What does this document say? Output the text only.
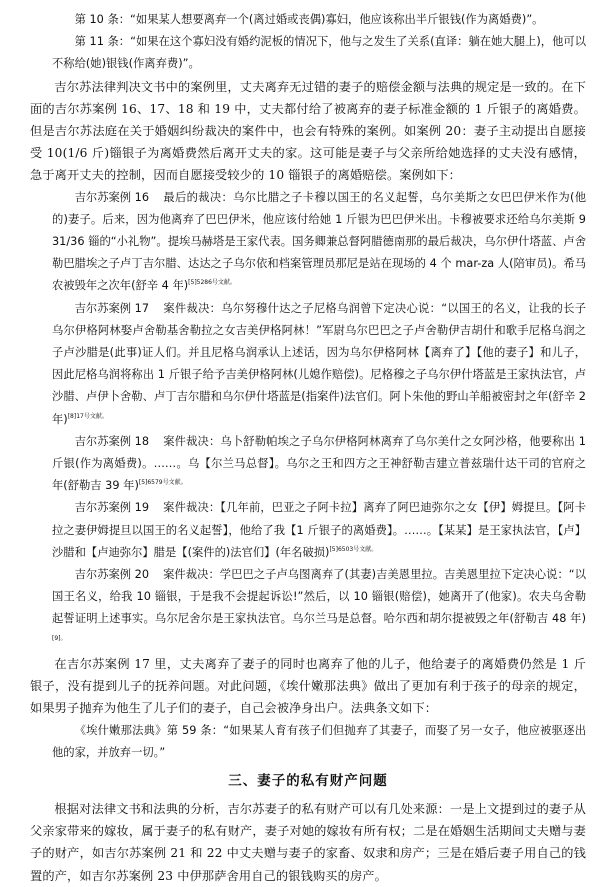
第 10 条：“如果某人想要离弃一个(离过婚或丧偶)寡妇，他应该称出半斤银钱(作为离婚费)”。

第 11 条：“如果在这个寡妇没有婚约泥板的情况下，他与之发生了关系(直译：躺在她大腿上)，他可以不称给(她)银钱(作离弃费)”。

吉尔苏法律判决文书中的案例里，丈夫离弃无过错的妻子的赔偿金额与法典的规定是一致的。在下面的吉尔苏案例 16、17、18 和 19 中，丈夫都付给了被离弃的妻子标准金额的 1 斤银子的离婚费。但是吉尔苏法庭在关于婚姻纠纷裁决的案件中，也会有特殊的案例。如案例 20：妻子主动提出自愿接受 10(1/6 斤)锱银子为离婚费然后离开丈夫的家。这可能是妻子与父亲所给她选择的丈夫没有感情，急于离开丈夫的控制，因而自愿接受较少的 10 锱银子的离婚赔偿。案例如下：

吉尔苏案例 16 最后的裁决：乌尔比腊之子卡穆以国王的名义起誓，乌尔美斯之女巴巴伊米作为(他的)妻子。后来，因为他离弃了巴巴伊米，他应该付给她 1 斤银为巴巴伊米出。卡穆被要求还给乌尔美斯 9 31/36 锱的“小礼物”。提埃马赫塔是王家代表。国务卿兼总督阿腊德南那的最后裁决，乌尔伊什塔蓝、卢舍勒巴腊埃之子卢丁吉尔腊、达达之子乌尔依和档案管理员那尼是站在现场的 4 个 mar-za 人(陪审员)。希马农被毁年之次年(舒辛 4 年)$^{[5]5286号文献。}$

吉尔苏案例 17 案件裁决：乌尔努穆什达之子尼格乌润曾下定决心说：“以国王的名义，让我的长子乌尔伊格阿林娶卢舍勒基舍勒拉之女吉美伊格阿林！”军尉乌尔巴巴之子卢舍勒伊吉胡什和歌手尼格乌润之子卢沙腊是(此事)证人们。并且尼格乌润承认上述话，因为乌尔伊格阿林【离弃了】【他的妻子】和儿子，因此尼格乌润将称出 1 斤银子给予吉美伊格阿林(儿媳作赔偿)。尼格穆之子乌尔伊什塔蓝是王家执法官，卢沙腊、卢伊卜舍勒、卢丁吉尔腊和乌尔伊什塔蓝是(指案件)法官们。阿卜朱他的野山羊船被密封之年(舒辛 2 年)$^{[8]17号文献。}$

吉尔苏案例 18 案件裁决：乌卜舒勒帕埃之子乌尔伊格阿林离弃了乌尔美什之女阿沙格，他要称出 1 斤银(作为离婚费)。……。乌【尔兰马总督】。乌尔之王和四方之王神舒勒吉建立普兹瑞什达干司的官府之年(舒勒吉 39 年)$^{[5]6579号文献。}$

吉尔苏案例 19 案件裁决：【几年前，巴亚之子阿卡拉】离弃了阿巴迪弥尔之女【伊】姆提旦。【阿卡拉之妻伊姆提旦以国王的名义起誓】，他给了我【1 斤银子的离婚费】。……。【某某】是王家执法官，【卢】沙腊和【卢迪弥尔】腊是【(案件的)法官们】(年名破损)$^{[5]6503号文献。}$

吉尔苏案例 20 案件裁决：学巴巴之子卢乌图离弃了(其妻)吉美恩里拉。吉美恩里拉下定决心说：“以国王名义，给我 10 锱银，于是我不会提起诉讼!”然后，以 10 锱银(赔偿)，她离开了(他家)。农夫乌舍勒起誓证明上述事实。乌尔尼舍尔是王家执法官。乌尔兰马是总督。哈尔西和胡尔提被毁之年(舒勒吉 48 年)$^{[9]。}$

在吉尔苏案例 17 里，丈夫离弃了妻子的同时也离弃了他的儿子，他给妻子的离婚费仍然是 1 斤银子，没有提到儿子的抚养问题。对此问题，《埃什嫩那法典》做出了更加有利于孩子的母亲的规定，如果男子抛弃为他生了儿子们的妻子，自己会被净身出户。法典条文如下：

《埃什嫩那法典》第 59 条：“如果某人育有孩子们但抛弃了其妻子，而娶了另一女子，他应被驱逐出他的家，并放弃一切。”

三、妻子的私有财产问题

根据对法律文书和法典的分析，吉尔苏妻子的私有财产可以有几处来源：一是上文提到过的妻子从父亲家带来的嫁妆，属于妻子的私有财产，妻子对她的嫁妆有所有权；二是在婚姻生活期间丈夫赠与妻子的财产，如吉尔苏案例 21 和 22 中丈夫赠与妻子的家畜、奴隶和房产；三是在婚后妻子用自己的钱置的产，如吉尔苏案例 23 中伊那萨舍用自己的银钱购买的房产。
